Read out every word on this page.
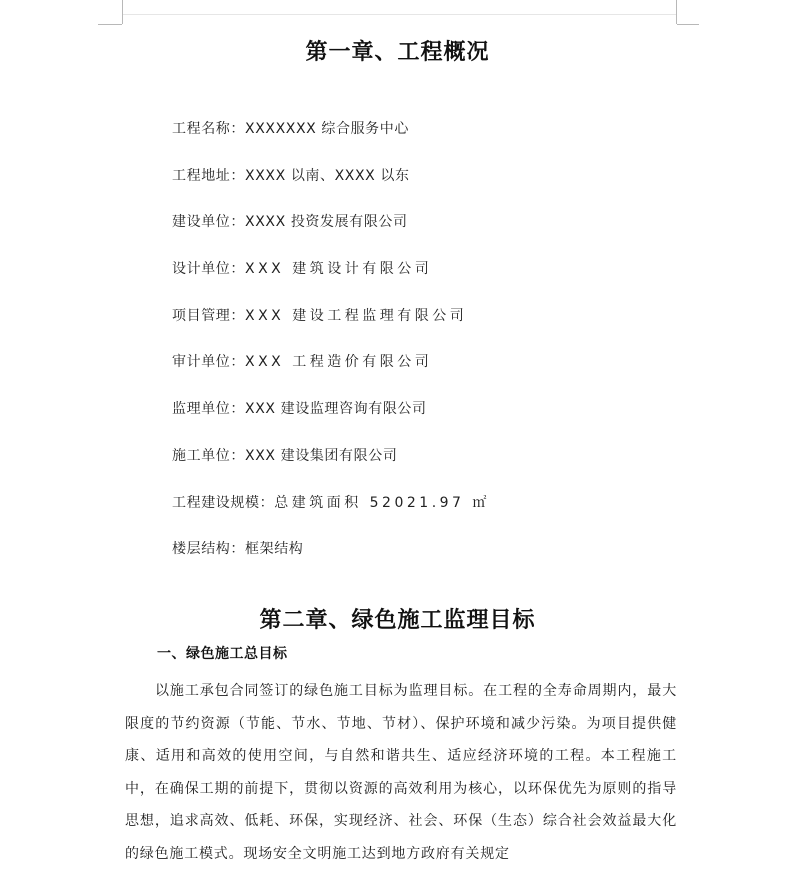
第一章、工程概况
工程名称：XXXXXXX 综合服务中心
工程地址：XXXX 以南、XXXX 以东
建设单位：XXXX 投资发展有限公司
设计单位：XXX 建筑设计有限公司
项目管理：XXX 建设工程监理有限公司
审计单位：XXX 工程造价有限公司
监理单位：XXX 建设监理咨询有限公司
施工单位：XXX 建设集团有限公司
工程建设规模：总建筑面积 52021.97 ㎡
楼层结构：框架结构
第二章、绿色施工监理目标
一、绿色施工总目标

以施工承包合同签订的绿色施工目标为监理目标。在工程的全寿命周期内，最大限度的节约资源（节能、节水、节地、节材）、保护环境和减少污染。为项目提供健康、适用和高效的使用空间，与自然和谐共生、适应经济环境的工程。本工程施工中，在确保工期的前提下，贯彻以资源的高效利用为核心，以环保优先为原则的指导思想，追求高效、低耗、环保，实现经济、社会、环保（生态）综合社会效益最大化的绿色施工模式。现场安全文明施工达到地方政府有关规定
